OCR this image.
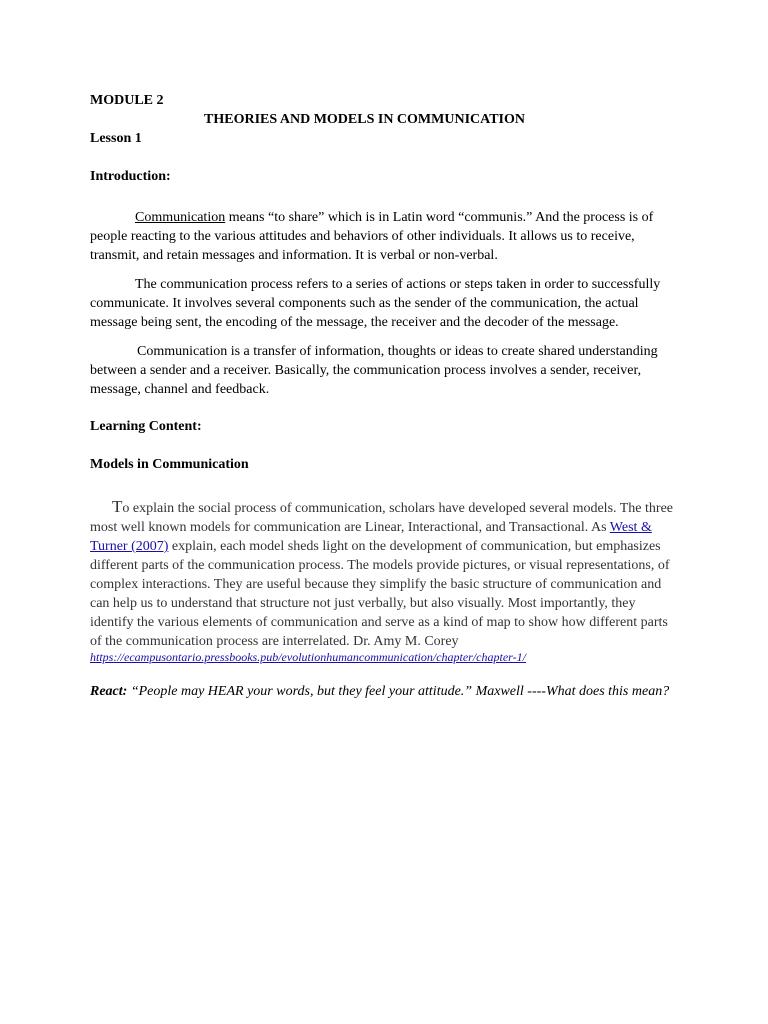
MODULE 2
THEORIES AND MODELS IN COMMUNICATION
Lesson 1
Introduction:
Communication means “to share” which is in Latin word “communis.” And the process is of people reacting to the various attitudes and behaviors of other individuals. It allows us to receive, transmit, and retain messages and information. It is verbal or non-verbal.
The communication process refers to a series of actions or steps taken in order to successfully communicate. It involves several components such as the sender of the communication, the actual message being sent, the encoding of the message, the receiver and the decoder of the message.
Communication is a transfer of information, thoughts or ideas to create shared understanding between a sender and a receiver. Basically, the communication process involves a sender, receiver, message, channel and feedback.
Learning Content:
Models in Communication
To explain the social process of communication, scholars have developed several models. The three most well known models for communication are Linear, Interactional, and Transactional. As West & Turner (2007) explain, each model sheds light on the development of communication, but emphasizes different parts of the communication process. The models provide pictures, or visual representations, of complex interactions. They are useful because they simplify the basic structure of communication and can help us to understand that structure not just verbally, but also visually. Most importantly, they identify the various elements of communication and serve as a kind of map to show how different parts of the communication process are interrelated. Dr. Amy M. Corey
https://ecampusontario.pressbooks.pub/evolutionhumancommunication/chapter/chapter-1/
React: “People may HEAR your words, but they feel your attitude.” Maxwell ----What does this mean?
